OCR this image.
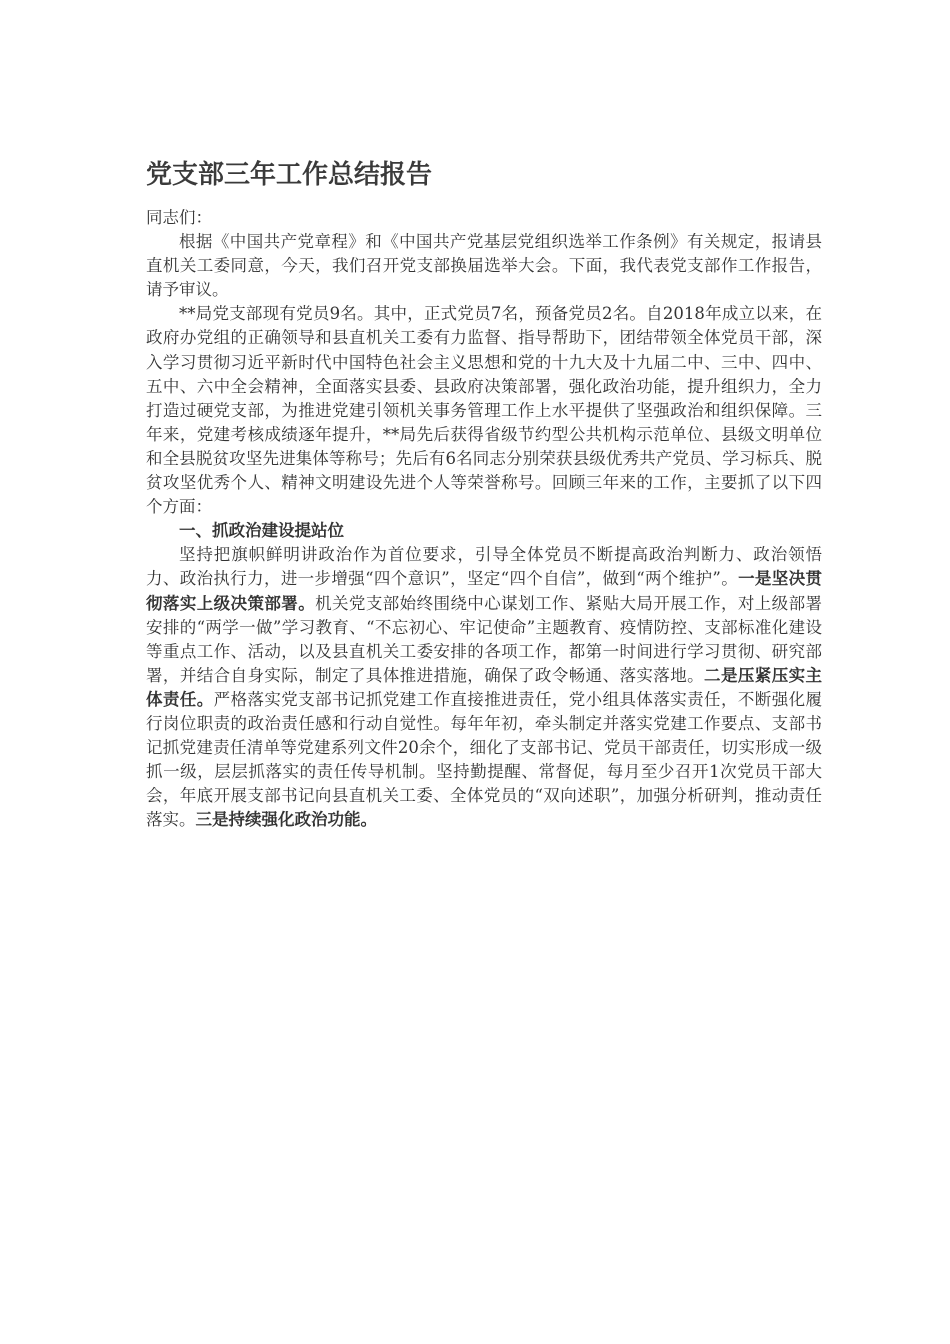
党支部三年工作总结报告

同志们：

根据《中国共产党章程》和《中国共产党基层党组织选举工作条例》有关规定，报请县直机关工委同意，今天，我们召开党支部换届选举大会。下面，我代表党支部作工作报告，请予审议。

**局党支部现有党员9名。其中，正式党员7名，预备党员2名。自2018年成立以来，在政府办党组的正确领导和县直机关工委有力监督、指导帮助下，团结带领全体党员干部，深入学习贯彻习近平新时代中国特色社会主义思想和党的十九大及十九届二中、三中、四中、五中、六中全会精神，全面落实县委、县政府决策部署，强化政治功能，提升组织力，全力打造过硬党支部，为推进党建引领机关事务管理工作上水平提供了坚强政治和组织保障。三年来，党建考核成绩逐年提升，**局先后获得省级节约型公共机构示范单位、县级文明单位和全县脱贫攻坚先进集体等称号；先后有6名同志分别荣获县级优秀共产党员、学习标兵、脱贫攻坚优秀个人、精神文明建设先进个人等荣誉称号。回顾三年来的工作，主要抓了以下四个方面：

一、抓政治建设提站位

坚持把旗帜鲜明讲政治作为首位要求，引导全体党员不断提高政治判断力、政治领悟力、政治执行力，进一步增强“四个意识”，坚定“四个自信”，做到“两个维护”。一是坚决贯彻落实上级决策部署。机关党支部始终围绕中心谋划工作、紧贴大局开展工作，对上级部署安排的“两学一做”学习教育、“不忘初心、牢记使命”主题教育、疫情防控、支部标准化建设等重点工作、活动，以及县直机关工委安排的各项工作，都第一时间进行学习贯彻、研究部署，并结合自身实际，制定了具体推进措施，确保了政令畅通、落实落地。二是压紧压实主体责任。严格落实党支部书记抓党建工作直接推进责任，党小组具体落实责任，不断强化履行岗位职责的政治责任感和行动自觉性。每年年初，牵头制定并落实党建工作要点、支部书记抓党建责任清单等党建系列文件20余个，细化了支部书记、党员干部责任，切实形成一级抓一级，层层抓落实的责任传导机制。坚持勤提醒、常督促，每月至少召开1次党员干部大会，年底开展支部书记向县直机关工委、全体党员的“双向述职”，加强分析研判，推动责任落实。三是持续强化政治功能。
